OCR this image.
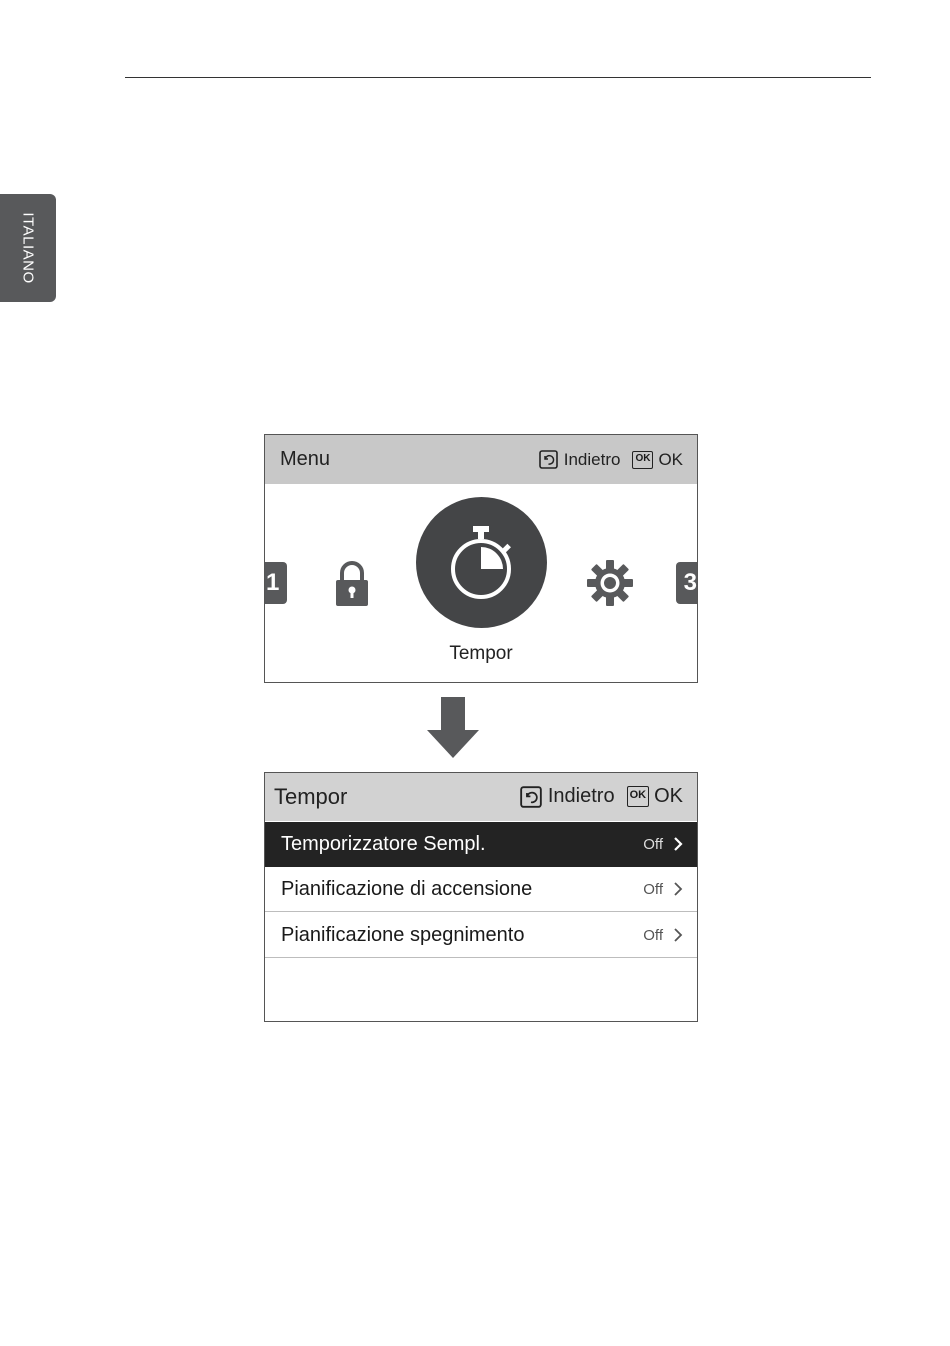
ITALIANO
Menu	Indietro	OK OK
1
Tempor
3
Tempor	Indietro OK OK
Temporizzatore Sempl.	Off
Pianificazione di accensione	Off
Pianificazione spegnimento	Off
